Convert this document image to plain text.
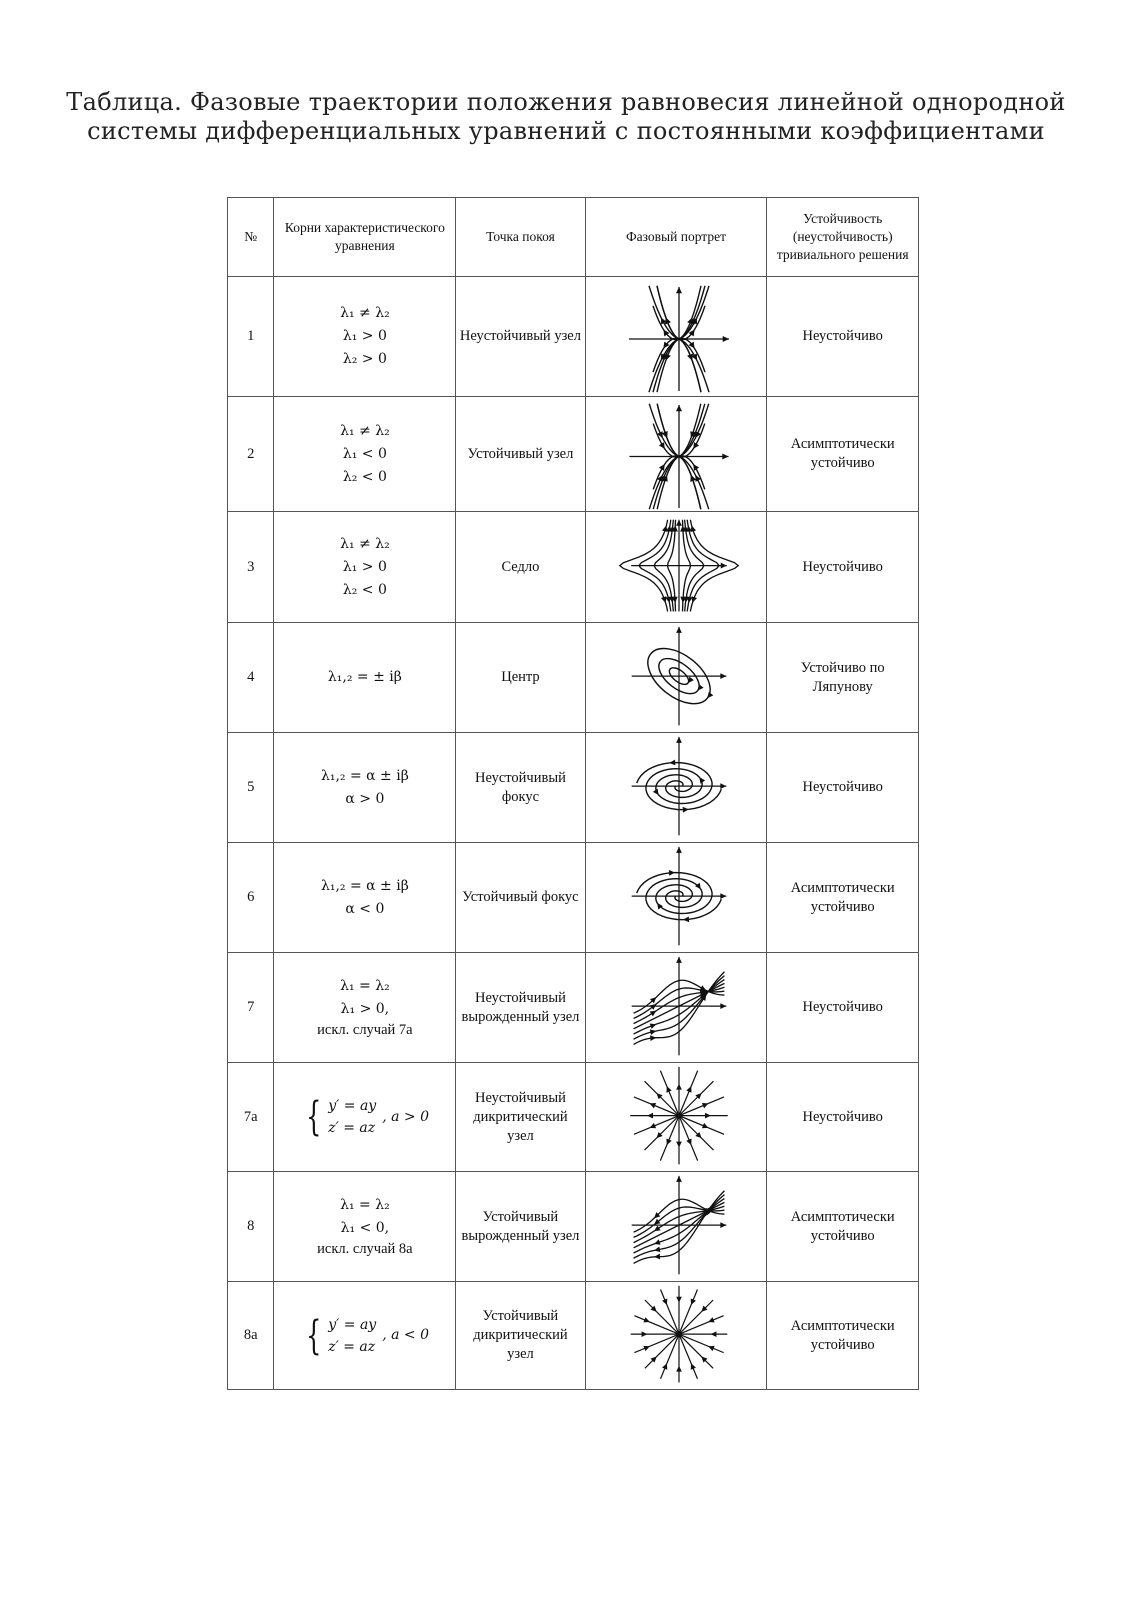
Таблица. Фазовые траектории положения равновесия линейной однородной
системы дифференциальных уравнений с постоянными коэффициентами
№	Корни характеристического уравнения	Точка покоя	Фазовый портрет	Устойчивость (неустойчивость) тривиального решения
1	λ₁ ≠ λ₂
λ₁ > 0
λ₂ > 0	Неустойчивый узел		Неустойчиво
2	λ₁ ≠ λ₂
λ₁ < 0
λ₂ < 0	Устойчивый узел		Асимптотически устойчиво
3	λ₁ ≠ λ₂
λ₁ > 0
λ₂ < 0	Седло		Неустойчиво
4	λ₁,₂ = ± iβ	Центр		Устойчиво по Ляпунову
5	λ₁,₂ = α ± iβ
α > 0	Неустойчивый фокус		Неустойчиво
6	λ₁,₂ = α ± iβ
α < 0	Устойчивый фокус		Асимптотически устойчиво
7	λ₁ = λ₂
λ₁ > 0,
искл. случай 7а	Неустойчивый вырожденный узел		Неустойчиво
7а	{ y′ = ay
z′ = az
, a > 0	Неустойчивый дикритический узел		Неустойчиво
8	λ₁ = λ₂
λ₁ < 0,
искл. случай 8а	Устойчивый вырожденный узел		Асимптотически устойчиво
8а	{ y′ = ay
z′ = az
, a < 0	Устойчивый дикритический узел		Асимптотически устойчиво
